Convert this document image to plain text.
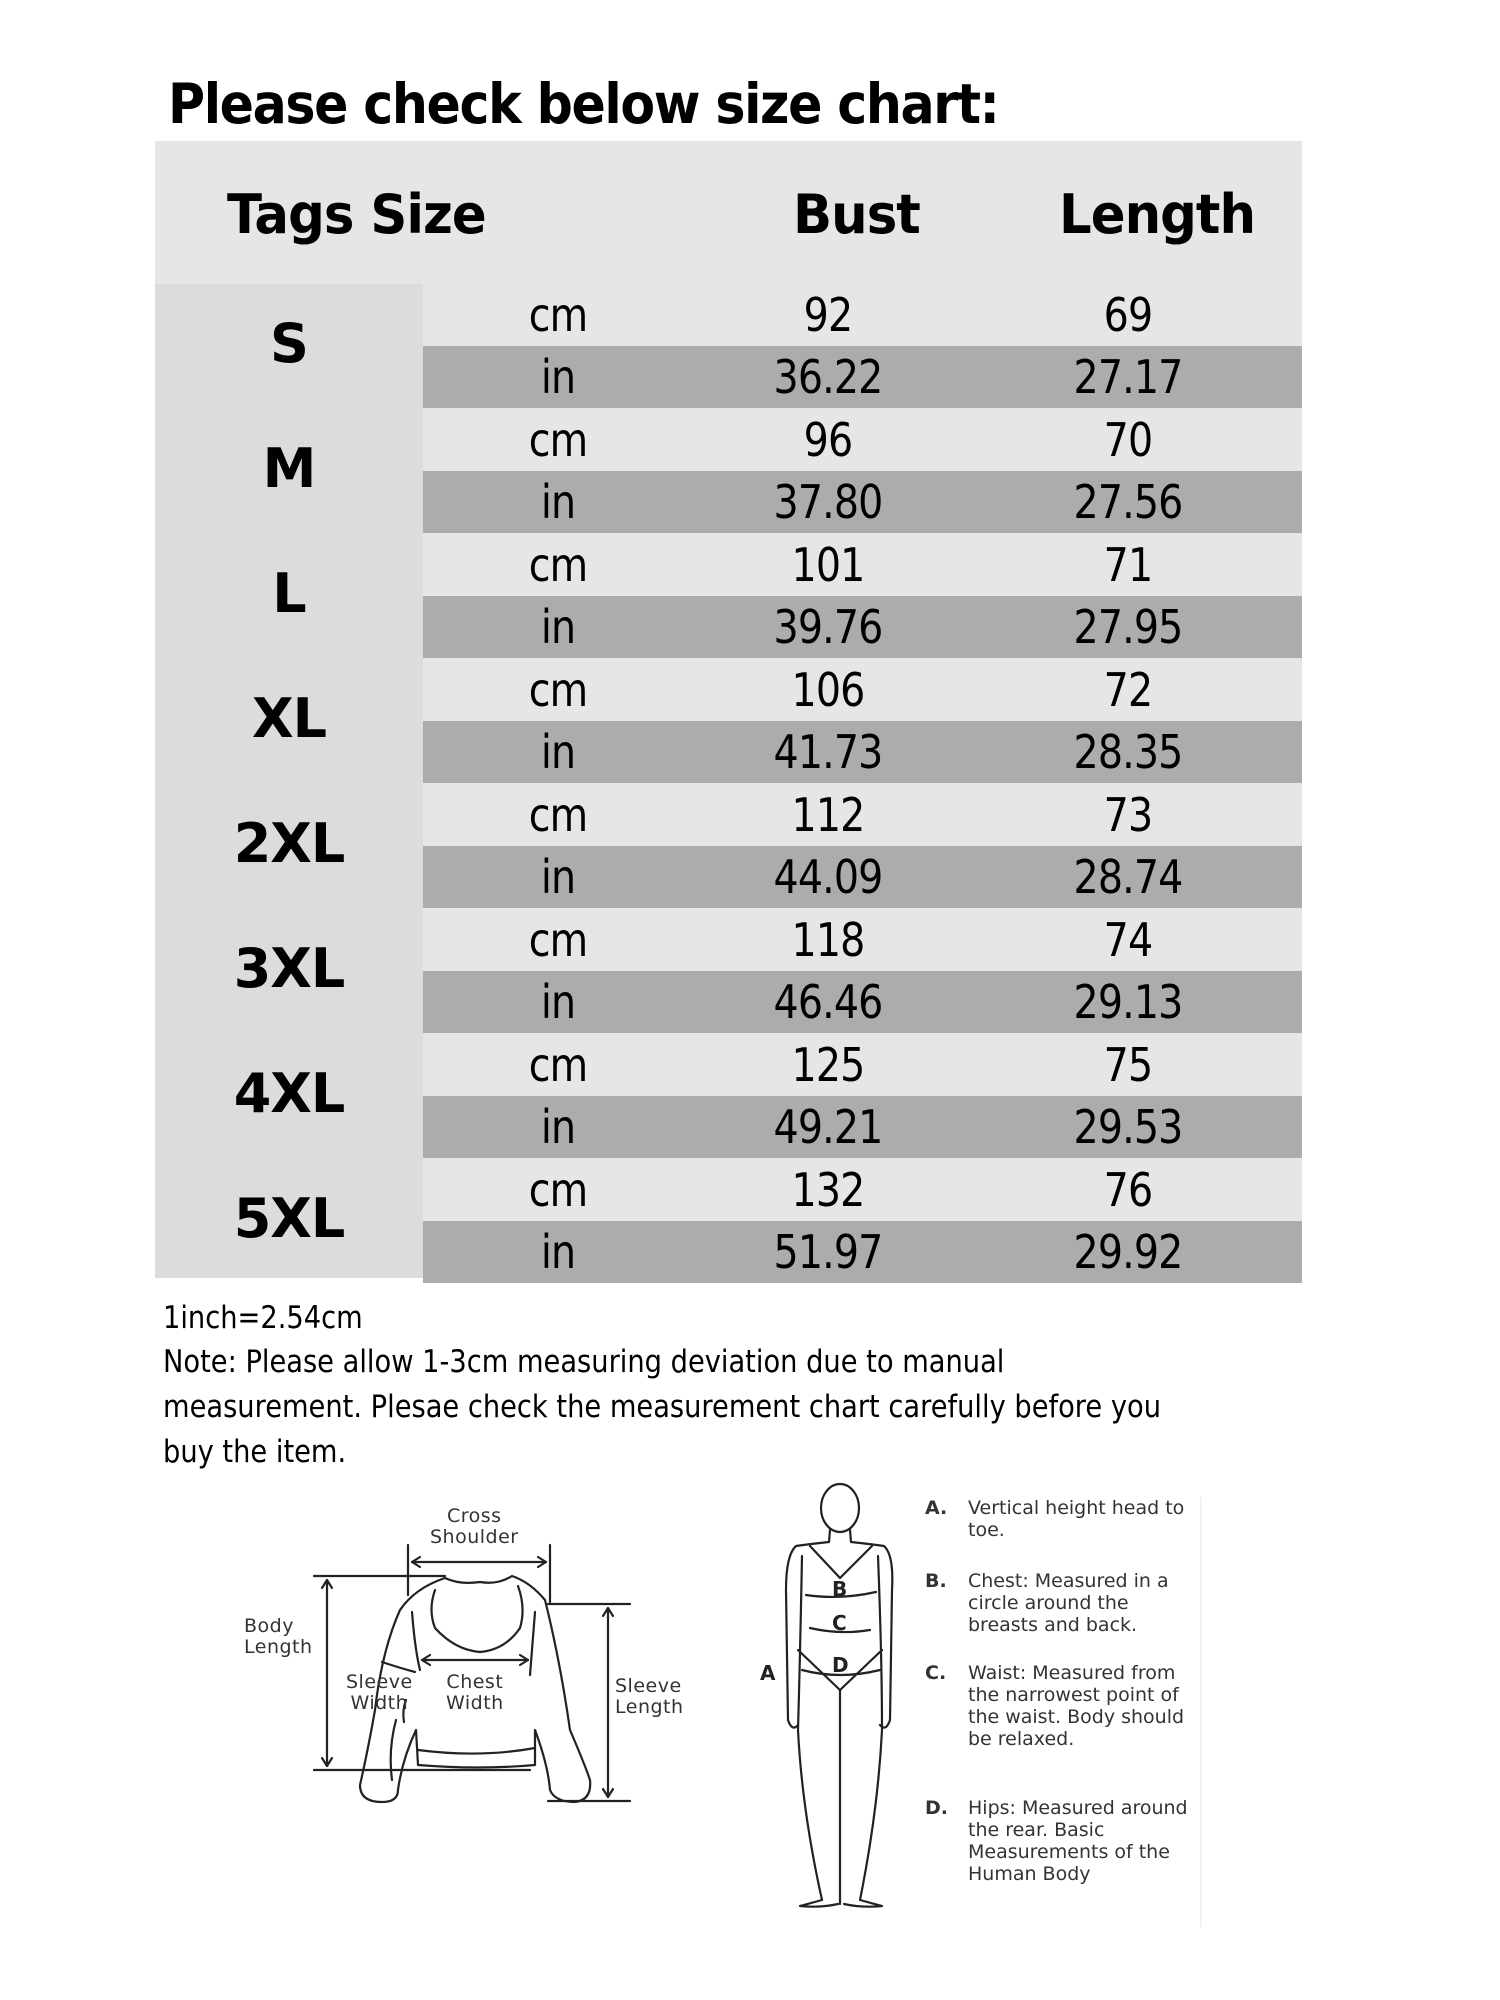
Please check below size chart:
Tags Size	Bust	Length
S	cm	92	69
in	36.22	27.17
M	cm	96	70
in	37.80	27.56
L	cm	101	71
in	39.76	27.95
XL	cm	106	72
in	41.73	28.35
2XL	cm	112	73
in	44.09	28.74
3XL	cm	118	74
in	46.46	29.13
4XL	cm	125	75
in	49.21	29.53
5XL	cm	132	76
in	51.97	29.92
1inch=2.54cm
Note: Please allow 1-3cm measuring deviation due to manual
measurement. Plesae check the measurement chart carefully before you
buy the item.
Cross
Shoulder
Body
Length
Sleeve
Width
Chest
Width
Sleeve
Length
B
C
D
A
A. Vertical height head to toe.
B. Chest: Measured in a circle around the breasts and back.
C. Waist: Measured from the narrowest point of the waist. Body should be relaxed.
D. Hips: Measured around the rear. Basic Measurements of the Human Body
